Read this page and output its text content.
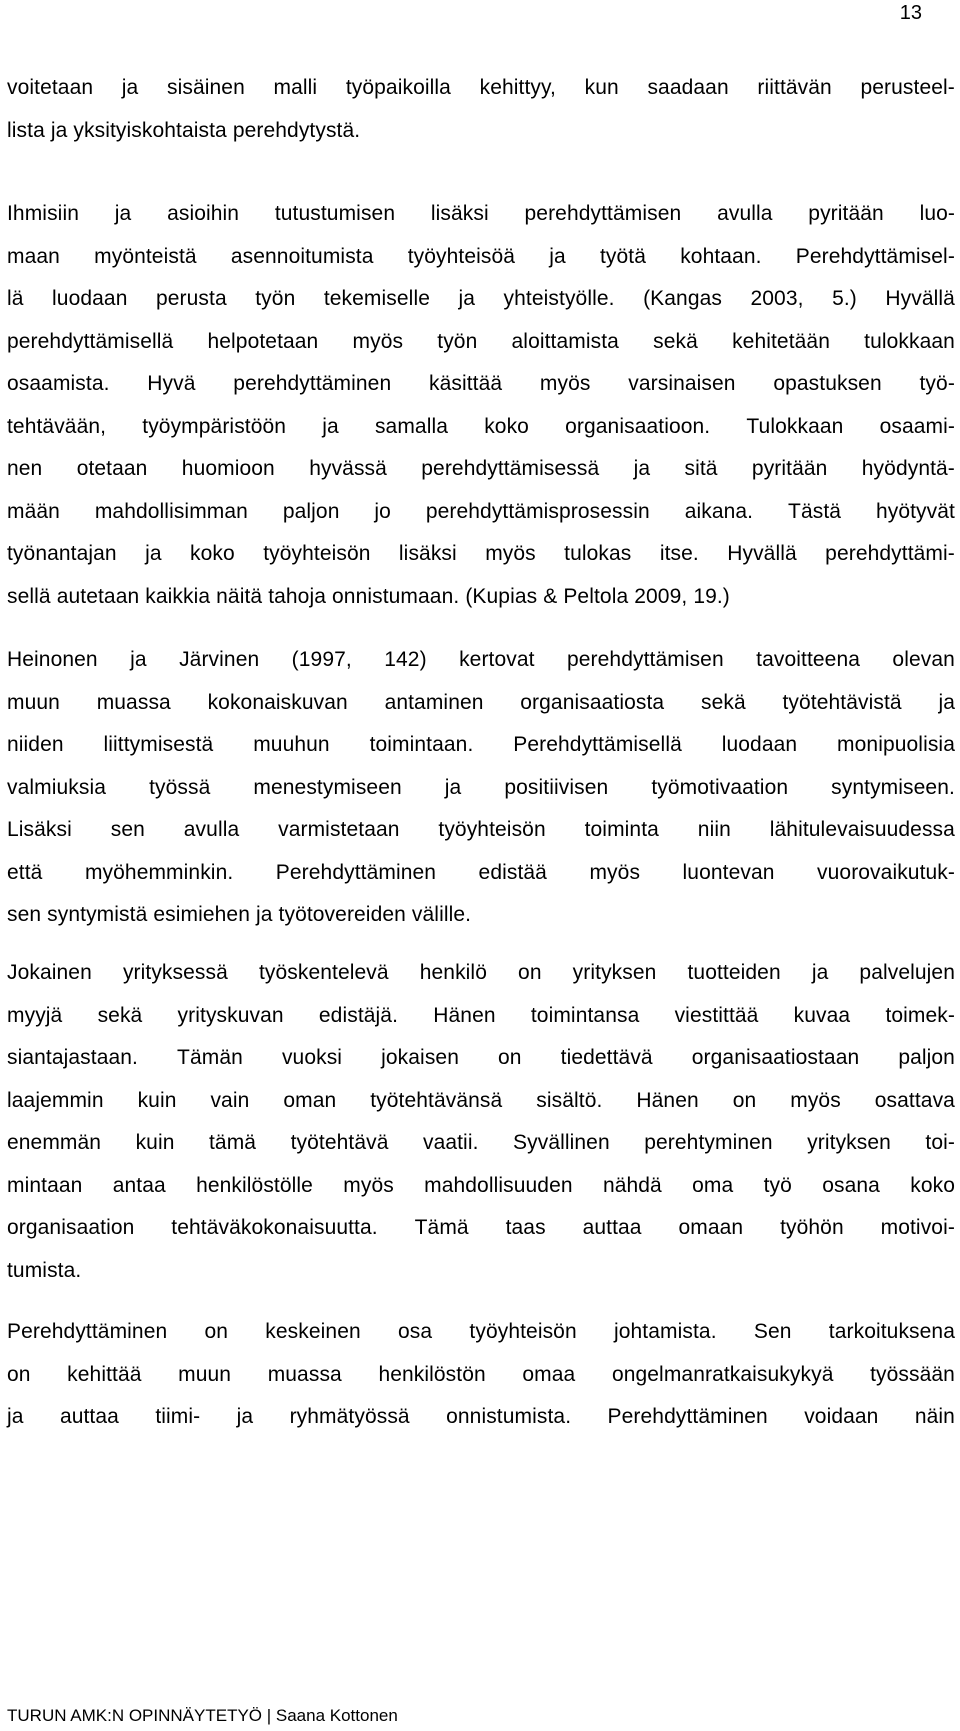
13
voitetaan ja sisäinen malli työpaikoilla kehittyy, kun saadaan riittävän perusteel-
lista ja yksityiskohtaista perehdytystä.
Ihmisiin ja asioihin tutustumisen lisäksi perehdyttämisen avulla pyritään luo-
maan myönteistä asennoitumista työyhteisöä ja työtä kohtaan. Perehdyttämisel-
lä luodaan perusta työn tekemiselle ja yhteistyölle. (Kangas 2003, 5.) Hyvällä
perehdyttämisellä helpotetaan myös työn aloittamista sekä kehitetään tulokkaan
osaamista. Hyvä perehdyttäminen käsittää myös varsinaisen opastuksen työ-
tehtävään, työympäristöön ja samalla koko organisaatioon. Tulokkaan osaami-
nen otetaan huomioon hyvässä perehdyttämisessä ja sitä pyritään hyödyntä-
mään mahdollisimman paljon jo perehdyttämisprosessin aikana. Tästä hyötyvät
työnantajan ja koko työyhteisön lisäksi myös tulokas itse. Hyvällä perehdyttämi-
sellä autetaan kaikkia näitä tahoja onnistumaan. (Kupias & Peltola 2009, 19.)
Heinonen ja Järvinen (1997, 142) kertovat perehdyttämisen tavoitteena olevan
muun muassa kokonaiskuvan antaminen organisaatiosta sekä työtehtävistä ja
niiden liittymisestä muuhun toimintaan. Perehdyttämisellä luodaan monipuolisia
valmiuksia työssä menestymiseen ja positiivisen työmotivaation syntymiseen.
Lisäksi sen avulla varmistetaan työyhteisön toiminta niin lähitulevaisuudessa
että myöhemminkin. Perehdyttäminen edistää myös luontevan vuorovaikutuk-
sen syntymistä esimiehen ja työtovereiden välille.
Jokainen yrityksessä työskentelevä henkilö on yrityksen tuotteiden ja palvelujen
myyjä sekä yrityskuvan edistäjä. Hänen toimintansa viestittää kuvaa toimek-
siantajastaan. Tämän vuoksi jokaisen on tiedettävä organisaatiostaan paljon
laajemmin kuin vain oman työtehtävänsä sisältö. Hänen on myös osattava
enemmän kuin tämä työtehtävä vaatii. Syvällinen perehtyminen yrityksen toi-
mintaan antaa henkilöstölle myös mahdollisuuden nähdä oma työ osana koko
organisaation tehtäväkokonaisuutta. Tämä taas auttaa omaan työhön motivoi-
tumista.
Perehdyttäminen on keskeinen osa työyhteisön johtamista. Sen tarkoituksena
on kehittää muun muassa henkilöstön omaa ongelmanratkaisukykyä työssään
ja auttaa tiimi- ja ryhmätyössä onnistumista. Perehdyttäminen voidaan näin
TURUN AMK:N OPINNÄYTETYÖ | Saana Kottonen
